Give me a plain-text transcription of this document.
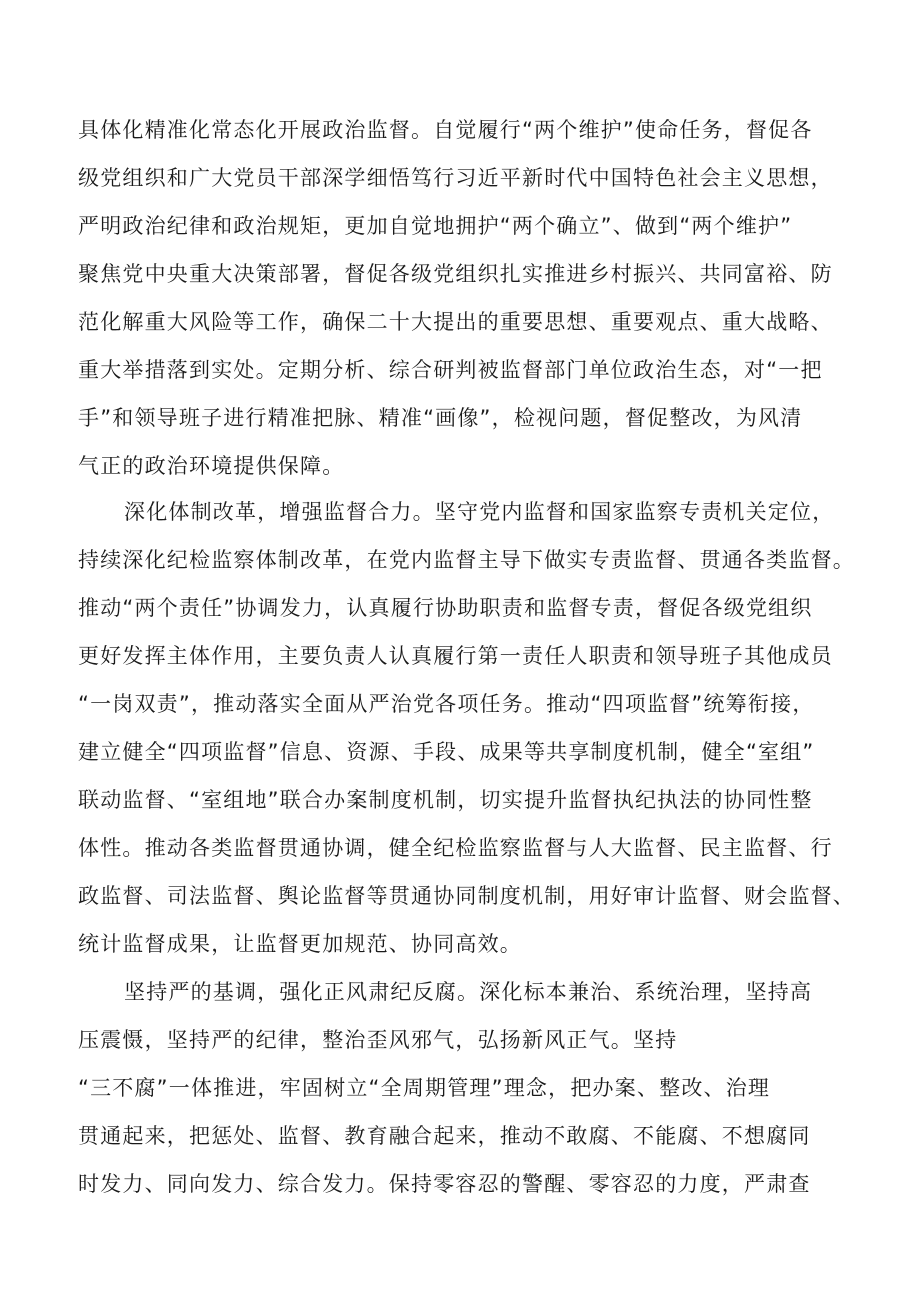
具体化精准化常态化开展政治监督。自觉履行“两个维护”使命任务，督促各
级党组织和广大党员干部深学细悟笃行习近平新时代中国特色社会主义思想，
严明政治纪律和政治规矩，更加自觉地拥护“两个确立”、做到“两个维护”
聚焦党中央重大决策部署，督促各级党组织扎实推进乡村振兴、共同富裕、防
范化解重大风险等工作，确保二十大提出的重要思想、重要观点、重大战略、
重大举措落到实处。定期分析、综合研判被监督部门单位政治生态，对“一把
手”和领导班子进行精准把脉、精准“画像”，检视问题，督促整改，为风清
气正的政治环境提供保障。
深化体制改革，增强监督合力。坚守党内监督和国家监察专责机关定位，
持续深化纪检监察体制改革，在党内监督主导下做实专责监督、贯通各类监督。
推动“两个责任”协调发力，认真履行协助职责和监督专责，督促各级党组织
更好发挥主体作用，主要负责人认真履行第一责任人职责和领导班子其他成员
“一岗双责”，推动落实全面从严治党各项任务。推动“四项监督”统筹衔接，
建立健全“四项监督”信息、资源、手段、成果等共享制度机制，健全“室组”
联动监督、“室组地”联合办案制度机制，切实提升监督执纪执法的协同性整
体性。推动各类监督贯通协调，健全纪检监察监督与人大监督、民主监督、行
政监督、司法监督、舆论监督等贯通协同制度机制，用好审计监督、财会监督、
统计监督成果，让监督更加规范、协同高效。
坚持严的基调，强化正风肃纪反腐。深化标本兼治、系统治理，坚持高
压震慑，坚持严的纪律，整治歪风邪气，弘扬新风正气。坚持
“三不腐”一体推进，牢固树立“全周期管理”理念，把办案、整改、治理
贯通起来，把惩处、监督、教育融合起来，推动不敢腐、不能腐、不想腐同
时发力、同向发力、综合发力。保持零容忍的警醒、零容忍的力度，严肃查
